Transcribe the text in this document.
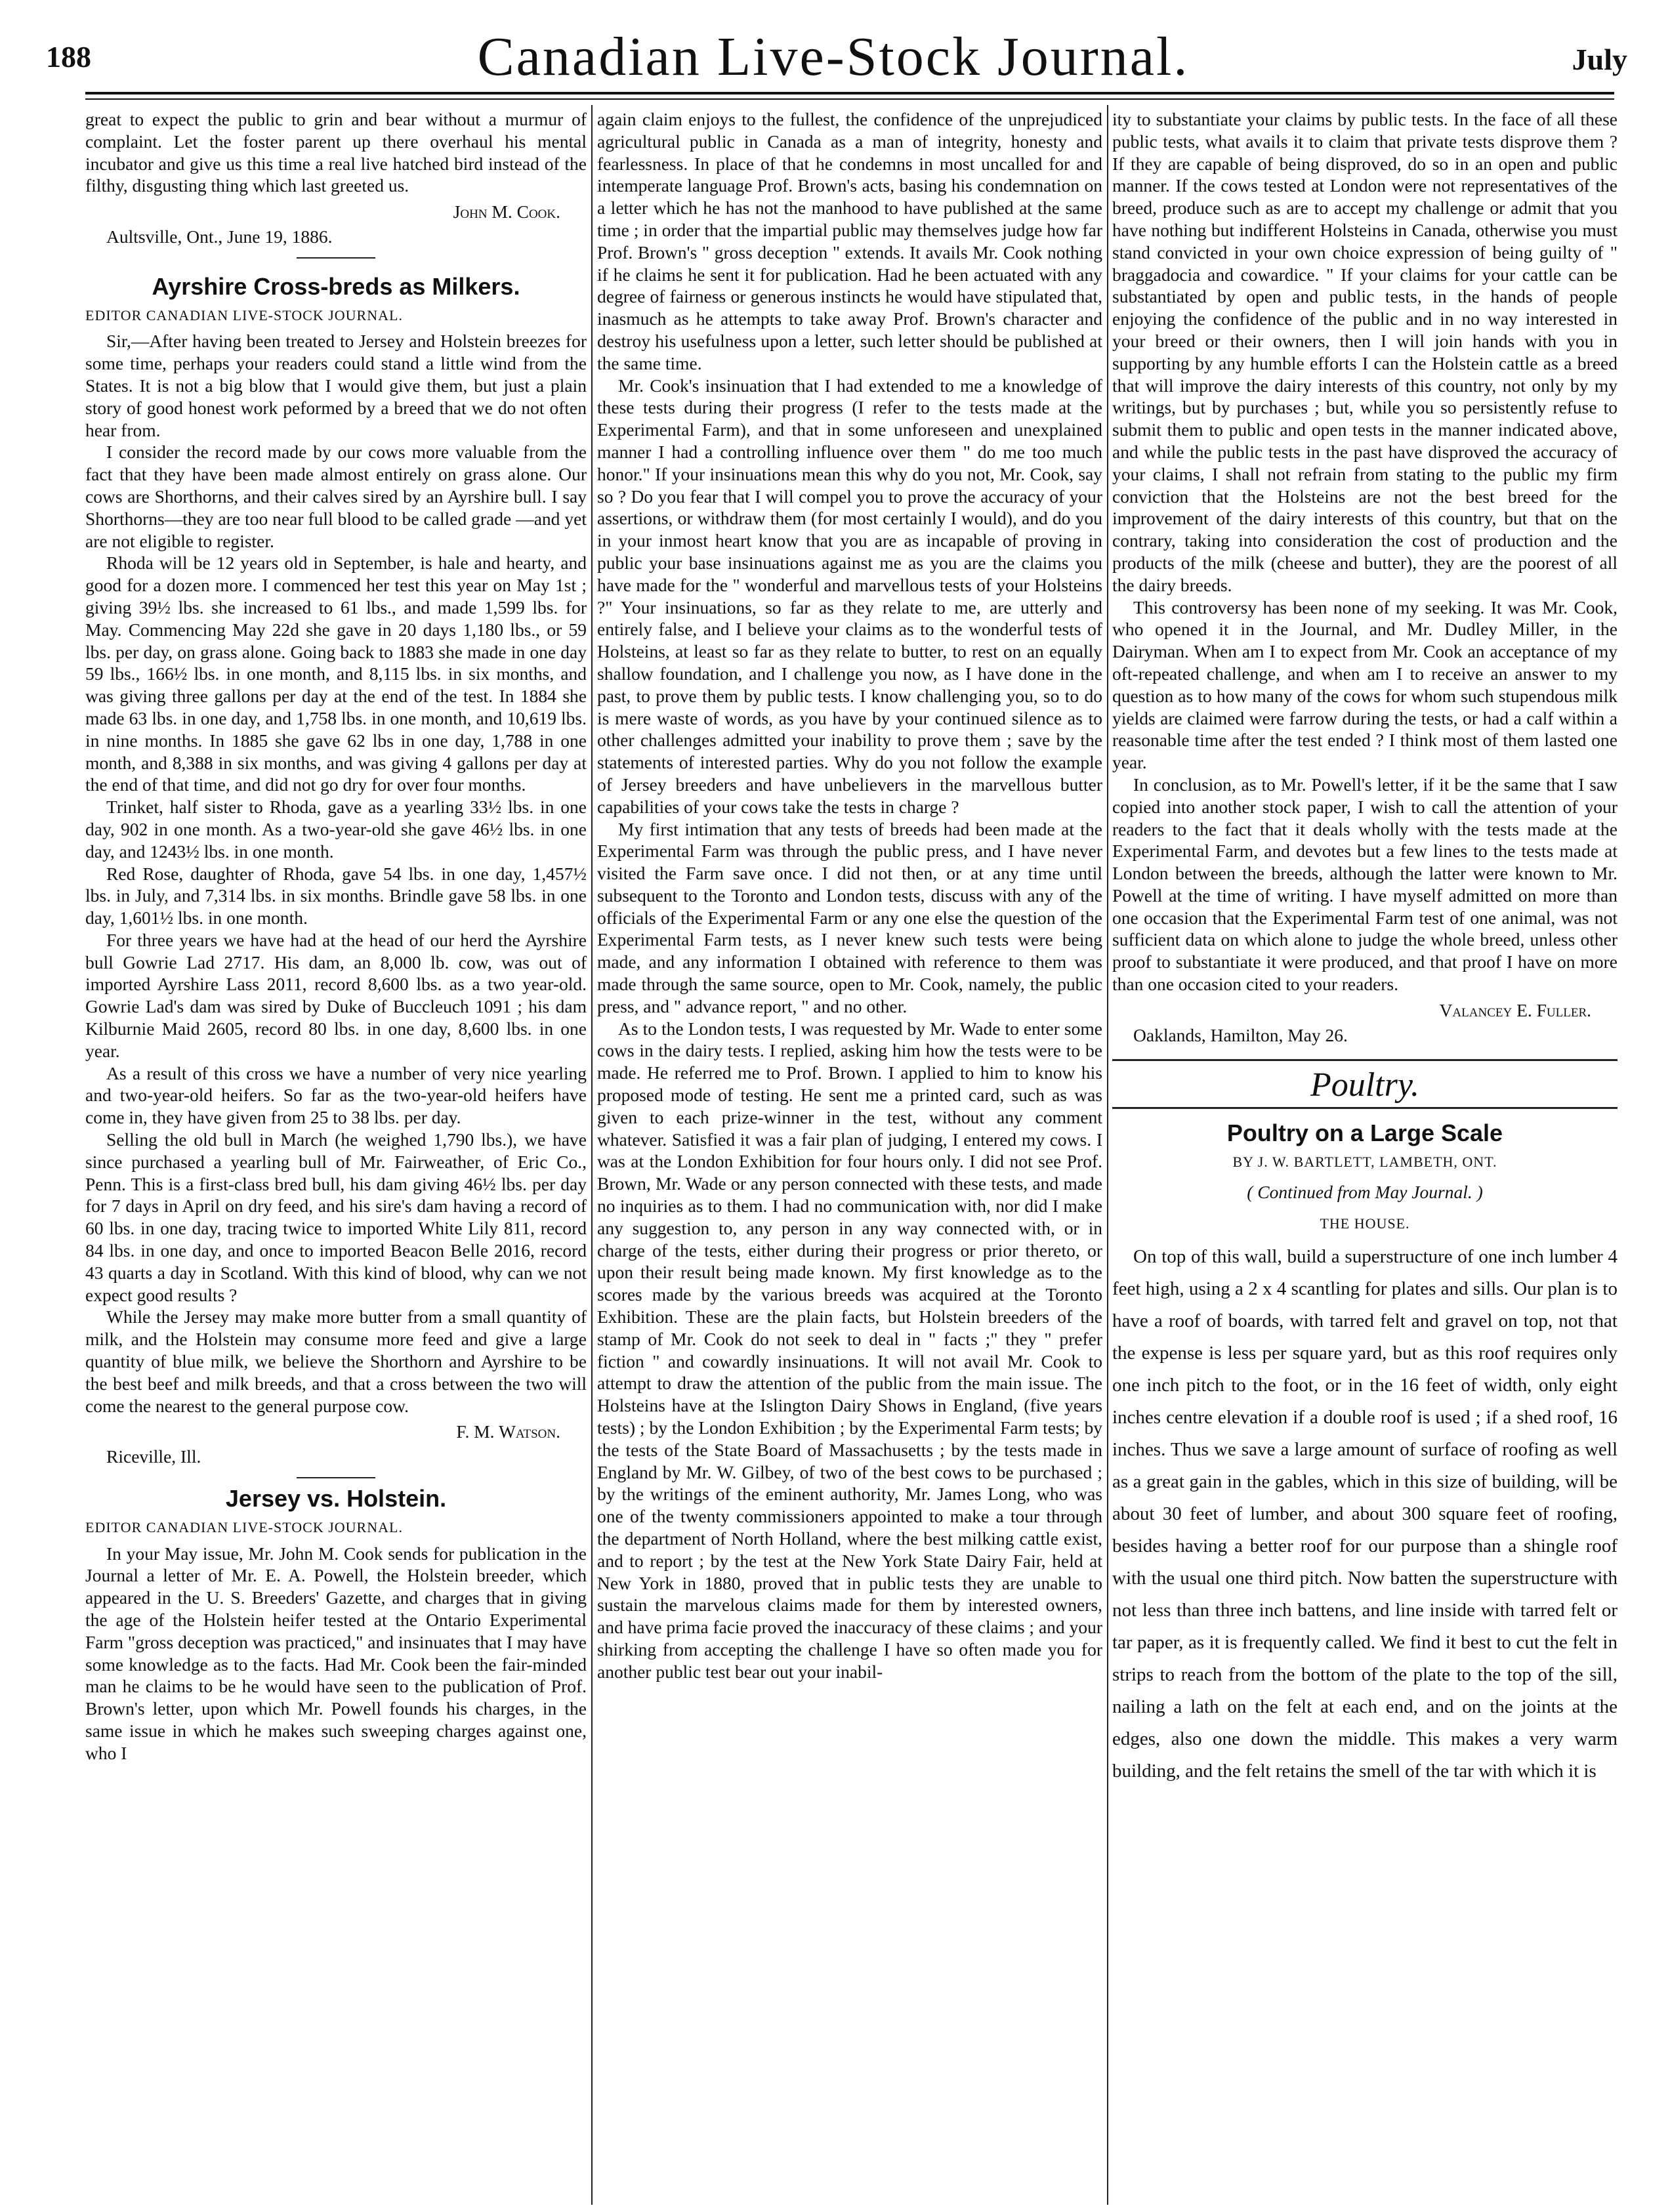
188	Canadian Live-Stock Journal.	July

great to expect the public to grin and bear without a murmur of complaint. Let the foster parent up there overhaul his mental incubator and give us this time a real live hatched bird instead of the filthy, disgusting thing which last greeted us.

John M. Cook.

Aultsville, Ont., June 19, 1886.

Ayrshire Cross-breds as Milkers.
EDITOR CANADIAN LIVE-STOCK JOURNAL.

Sir,—After having been treated to Jersey and Holstein breezes for some time, perhaps your readers could stand a little wind from the States. It is not a big blow that I would give them, but just a plain story of good honest work peformed by a breed that we do not often hear from.

I consider the record made by our cows more valuable from the fact that they have been made almost entirely on grass alone. Our cows are Shorthorns, and their calves sired by an Ayrshire bull. I say Shorthorns—they are too near full blood to be called grade —and yet are not eligible to register.

Rhoda will be 12 years old in September, is hale and hearty, and good for a dozen more. I commenced her test this year on May 1st ; giving 39½ lbs. she increased to 61 lbs., and made 1,599 lbs. for May. Commencing May 22d she gave in 20 days 1,180 lbs., or 59 lbs. per day, on grass alone. Going back to 1883 she made in one day 59 lbs., 166½ lbs. in one month, and 8,115 lbs. in six months, and was giving three gallons per day at the end of the test. In 1884 she made 63 lbs. in one day, and 1,758 lbs. in one month, and 10,619 lbs. in nine months. In 1885 she gave 62 lbs in one day, 1,788 in one month, and 8,388 in six months, and was giving 4 gallons per day at the end of that time, and did not go dry for over four months.

Trinket, half sister to Rhoda, gave as a yearling 33½ lbs. in one day, 902 in one month. As a two-year-old she gave 46½ lbs. in one day, and 1243½ lbs. in one month.

Red Rose, daughter of Rhoda, gave 54 lbs. in one day, 1,457½ lbs. in July, and 7,314 lbs. in six months. Brindle gave 58 lbs. in one day, 1,601½ lbs. in one month.

For three years we have had at the head of our herd the Ayrshire bull Gowrie Lad 2717. His dam, an 8,000 lb. cow, was out of imported Ayrshire Lass 2011, record 8,600 lbs. as a two year-old. Gowrie Lad's dam was sired by Duke of Buccleuch 1091 ; his dam Kilburnie Maid 2605, record 80 lbs. in one day, 8,600 lbs. in one year.

As a result of this cross we have a number of very nice yearling and two-year-old heifers. So far as the two-year-old heifers have come in, they have given from 25 to 38 lbs. per day.

Selling the old bull in March (he weighed 1,790 lbs.), we have since purchased a yearling bull of Mr. Fairweather, of Eric Co., Penn. This is a first-class bred bull, his dam giving 46½ lbs. per day for 7 days in April on dry feed, and his sire's dam having a record of 60 lbs. in one day, tracing twice to imported White Lily 811, record 84 lbs. in one day, and once to imported Beacon Belle 2016, record 43 quarts a day in Scotland. With this kind of blood, why can we not expect good results ?

While the Jersey may make more butter from a small quantity of milk, and the Holstein may consume more feed and give a large quantity of blue milk, we believe the Shorthorn and Ayrshire to be the best beef and milk breeds, and that a cross between the two will come the nearest to the general purpose cow.

F. M. Watson.

Riceville, Ill.

Jersey vs. Holstein.
EDITOR CANADIAN LIVE-STOCK JOURNAL.

In your May issue, Mr. John M. Cook sends for publication in the Journal a letter of Mr. E. A. Powell, the Holstein breeder, which appeared in the U. S. Breeders' Gazette, and charges that in giving the age of the Holstein heifer tested at the Ontario Experimental Farm "gross deception was practiced," and insinuates that I may have some knowledge as to the facts. Had Mr. Cook been the fair-minded man he claims to be he would have seen to the publication of Prof. Brown's letter, upon which Mr. Powell founds his charges, in the same issue in which he makes such sweeping charges against one, who I

again claim enjoys to the fullest, the confidence of the unprejudiced agricultural public in Canada as a man of integrity, honesty and fearlessness. In place of that he condemns in most uncalled for and intemperate language Prof. Brown's acts, basing his condemnation on a letter which he has not the manhood to have published at the same time ; in order that the impartial public may themselves judge how far Prof. Brown's " gross deception " extends. It avails Mr. Cook nothing if he claims he sent it for publication. Had he been actuated with any degree of fairness or generous instincts he would have stipulated that, inasmuch as he attempts to take away Prof. Brown's character and destroy his usefulness upon a letter, such letter should be published at the same time.

Mr. Cook's insinuation that I had extended to me a knowledge of these tests during their progress (I refer to the tests made at the Experimental Farm), and that in some unforeseen and unexplained manner I had a controlling influence over them " do me too much honor." If your insinuations mean this why do you not, Mr. Cook, say so ? Do you fear that I will compel you to prove the accuracy of your assertions, or withdraw them (for most certainly I would), and do you in your inmost heart know that you are as incapable of proving in public your base insinuations against me as you are the claims you have made for the " wonderful and marvellous tests of your Holsteins ?" Your insinuations, so far as they relate to me, are utterly and entirely false, and I believe your claims as to the wonderful tests of Holsteins, at least so far as they relate to butter, to rest on an equally shallow foundation, and I challenge you now, as I have done in the past, to prove them by public tests. I know challenging you, so to do is mere waste of words, as you have by your continued silence as to other challenges admitted your inability to prove them ; save by the statements of interested parties. Why do you not follow the example of Jersey breeders and have unbelievers in the marvellous butter capabilities of your cows take the tests in charge ?

My first intimation that any tests of breeds had been made at the Experimental Farm was through the public press, and I have never visited the Farm save once. I did not then, or at any time until subsequent to the Toronto and London tests, discuss with any of the officials of the Experimental Farm or any one else the question of the Experimental Farm tests, as I never knew such tests were being made, and any information I obtained with reference to them was made through the same source, open to Mr. Cook, namely, the public press, and " advance report, " and no other.

As to the London tests, I was requested by Mr. Wade to enter some cows in the dairy tests. I replied, asking him how the tests were to be made. He referred me to Prof. Brown. I applied to him to know his proposed mode of testing. He sent me a printed card, such as was given to each prize-winner in the test, without any comment whatever. Satisfied it was a fair plan of judging, I entered my cows. I was at the London Exhibition for four hours only. I did not see Prof. Brown, Mr. Wade or any person connected with these tests, and made no inquiries as to them. I had no communication with, nor did I make any suggestion to, any person in any way connected with, or in charge of the tests, either during their progress or prior thereto, or upon their result being made known. My first knowledge as to the scores made by the various breeds was acquired at the Toronto Exhibition. These are the plain facts, but Holstein breeders of the stamp of Mr. Cook do not seek to deal in " facts ;" they " prefer fiction " and cowardly insinuations. It will not avail Mr. Cook to attempt to draw the attention of the public from the main issue. The Holsteins have at the Islington Dairy Shows in England, (five years tests) ; by the London Exhibition ; by the Experimental Farm tests; by the tests of the State Board of Massachusetts ; by the tests made in England by Mr. W. Gilbey, of two of the best cows to be purchased ; by the writings of the eminent authority, Mr. James Long, who was one of the twenty commissioners appointed to make a tour through the department of North Holland, where the best milking cattle exist, and to report ; by the test at the New York State Dairy Fair, held at New York in 1880, proved that in public tests they are unable to sustain the marvelous claims made for them by interested owners, and have prima facie proved the inaccuracy of these claims ; and your shirking from accepting the challenge I have so often made you for another public test bear out your inabil-

ity to substantiate your claims by public tests. In the face of all these public tests, what avails it to claim that private tests disprove them ? If they are capable of being disproved, do so in an open and public manner. If the cows tested at London were not representatives of the breed, produce such as are to accept my challenge or admit that you have nothing but indifferent Holsteins in Canada, otherwise you must stand convicted in your own choice expression of being guilty of " braggadocia and cowardice. " If your claims for your cattle can be substantiated by open and public tests, in the hands of people enjoying the confidence of the public and in no way interested in your breed or their owners, then I will join hands with you in supporting by any humble efforts I can the Holstein cattle as a breed that will improve the dairy interests of this country, not only by my writings, but by purchases ; but, while you so persistently refuse to submit them to public and open tests in the manner indicated above, and while the public tests in the past have disproved the accuracy of your claims, I shall not refrain from stating to the public my firm conviction that the Holsteins are not the best breed for the improvement of the dairy interests of this country, but that on the contrary, taking into consideration the cost of production and the products of the milk (cheese and butter), they are the poorest of all the dairy breeds.

This controversy has been none of my seeking. It was Mr. Cook, who opened it in the Journal, and Mr. Dudley Miller, in the Dairyman. When am I to expect from Mr. Cook an acceptance of my oft-repeated challenge, and when am I to receive an answer to my question as to how many of the cows for whom such stupendous milk yields are claimed were farrow during the tests, or had a calf within a reasonable time after the test ended ? I think most of them lasted one year.

In conclusion, as to Mr. Powell's letter, if it be the same that I saw copied into another stock paper, I wish to call the attention of your readers to the fact that it deals wholly with the tests made at the Experimental Farm, and devotes but a few lines to the tests made at London between the breeds, although the latter were known to Mr. Powell at the time of writing. I have myself admitted on more than one occasion that the Experimental Farm test of one animal, was not sufficient data on which alone to judge the whole breed, unless other proof to substantiate it were produced, and that proof I have on more than one occasion cited to your readers.

Valancey E. Fuller.

Oaklands, Hamilton, May 26.

Poultry.
Poultry on a Large Scale
BY J. W. BARTLETT, LAMBETH, ONT.
( Continued from May Journal. )
THE HOUSE.

On top of this wall, build a superstructure of one inch lumber 4 feet high, using a 2 x 4 scantling for plates and sills. Our plan is to have a roof of boards, with tarred felt and gravel on top, not that the expense is less per square yard, but as this roof requires only one inch pitch to the foot, or in the 16 feet of width, only eight inches centre elevation if a double roof is used ; if a shed roof, 16 inches. Thus we save a large amount of surface of roofing as well as a great gain in the gables, which in this size of building, will be about 30 feet of lumber, and about 300 square feet of roofing, besides having a better roof for our purpose than a shingle roof with the usual one third pitch. Now batten the superstructure with not less than three inch battens, and line inside with tarred felt or tar paper, as it is frequently called. We find it best to cut the felt in strips to reach from the bottom of the plate to the top of the sill, nailing a lath on the felt at each end, and on the joints at the edges, also one down the middle. This makes a very warm building, and the felt retains the smell of the tar with which it is
